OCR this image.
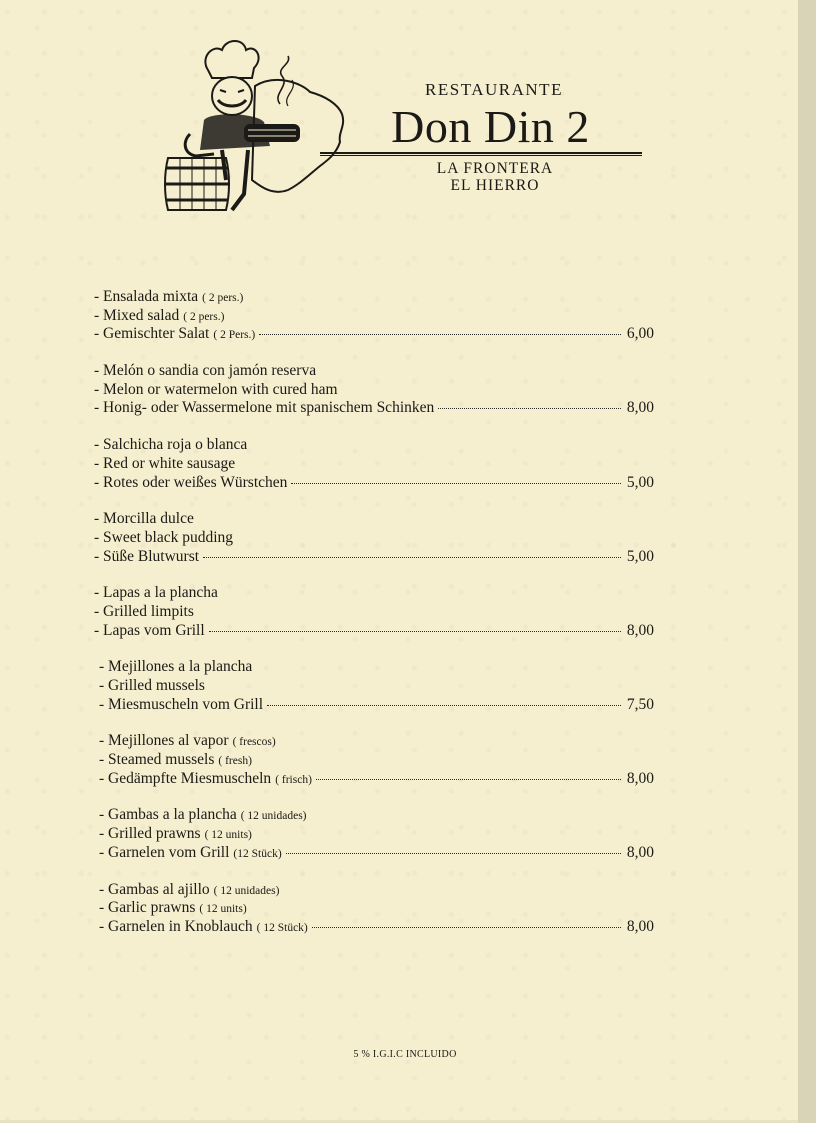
RESTAURANTE
Don Din 2
LA FRONTERA
EL HIERRO
- Ensalada mixta ( 2 pers.)
- Mixed salad ( 2 pers.)
- Gemischter Salat ( 2 Pers.)	6,00
- Melón o sandia con jamón reserva
- Melon or watermelon with cured ham
- Honig- oder Wassermelone mit spanischem Schinken	8,00
- Salchicha roja o blanca
- Red or white sausage
- Rotes oder weißes Würstchen	5,00
- Morcilla dulce
- Sweet black pudding
- Süße Blutwurst	5,00
- Lapas a la plancha
- Grilled limpits
- Lapas vom Grill	8,00
- Mejillones a la plancha
- Grilled mussels
- Miesmuscheln vom Grill	7,50
- Mejillones al vapor ( frescos)
- Steamed mussels ( fresh)
- Gedämpfte Miesmuscheln ( frisch)	8,00
- Gambas a la plancha ( 12 unidades)
- Grilled prawns ( 12 units)
- Garnelen vom Grill (12 Stück)	8,00
- Gambas al ajillo ( 12 unidades)
- Garlic prawns ( 12 units)
- Garnelen in Knoblauch ( 12 Stück)	8,00
5 % I.G.I.C INCLUIDO
